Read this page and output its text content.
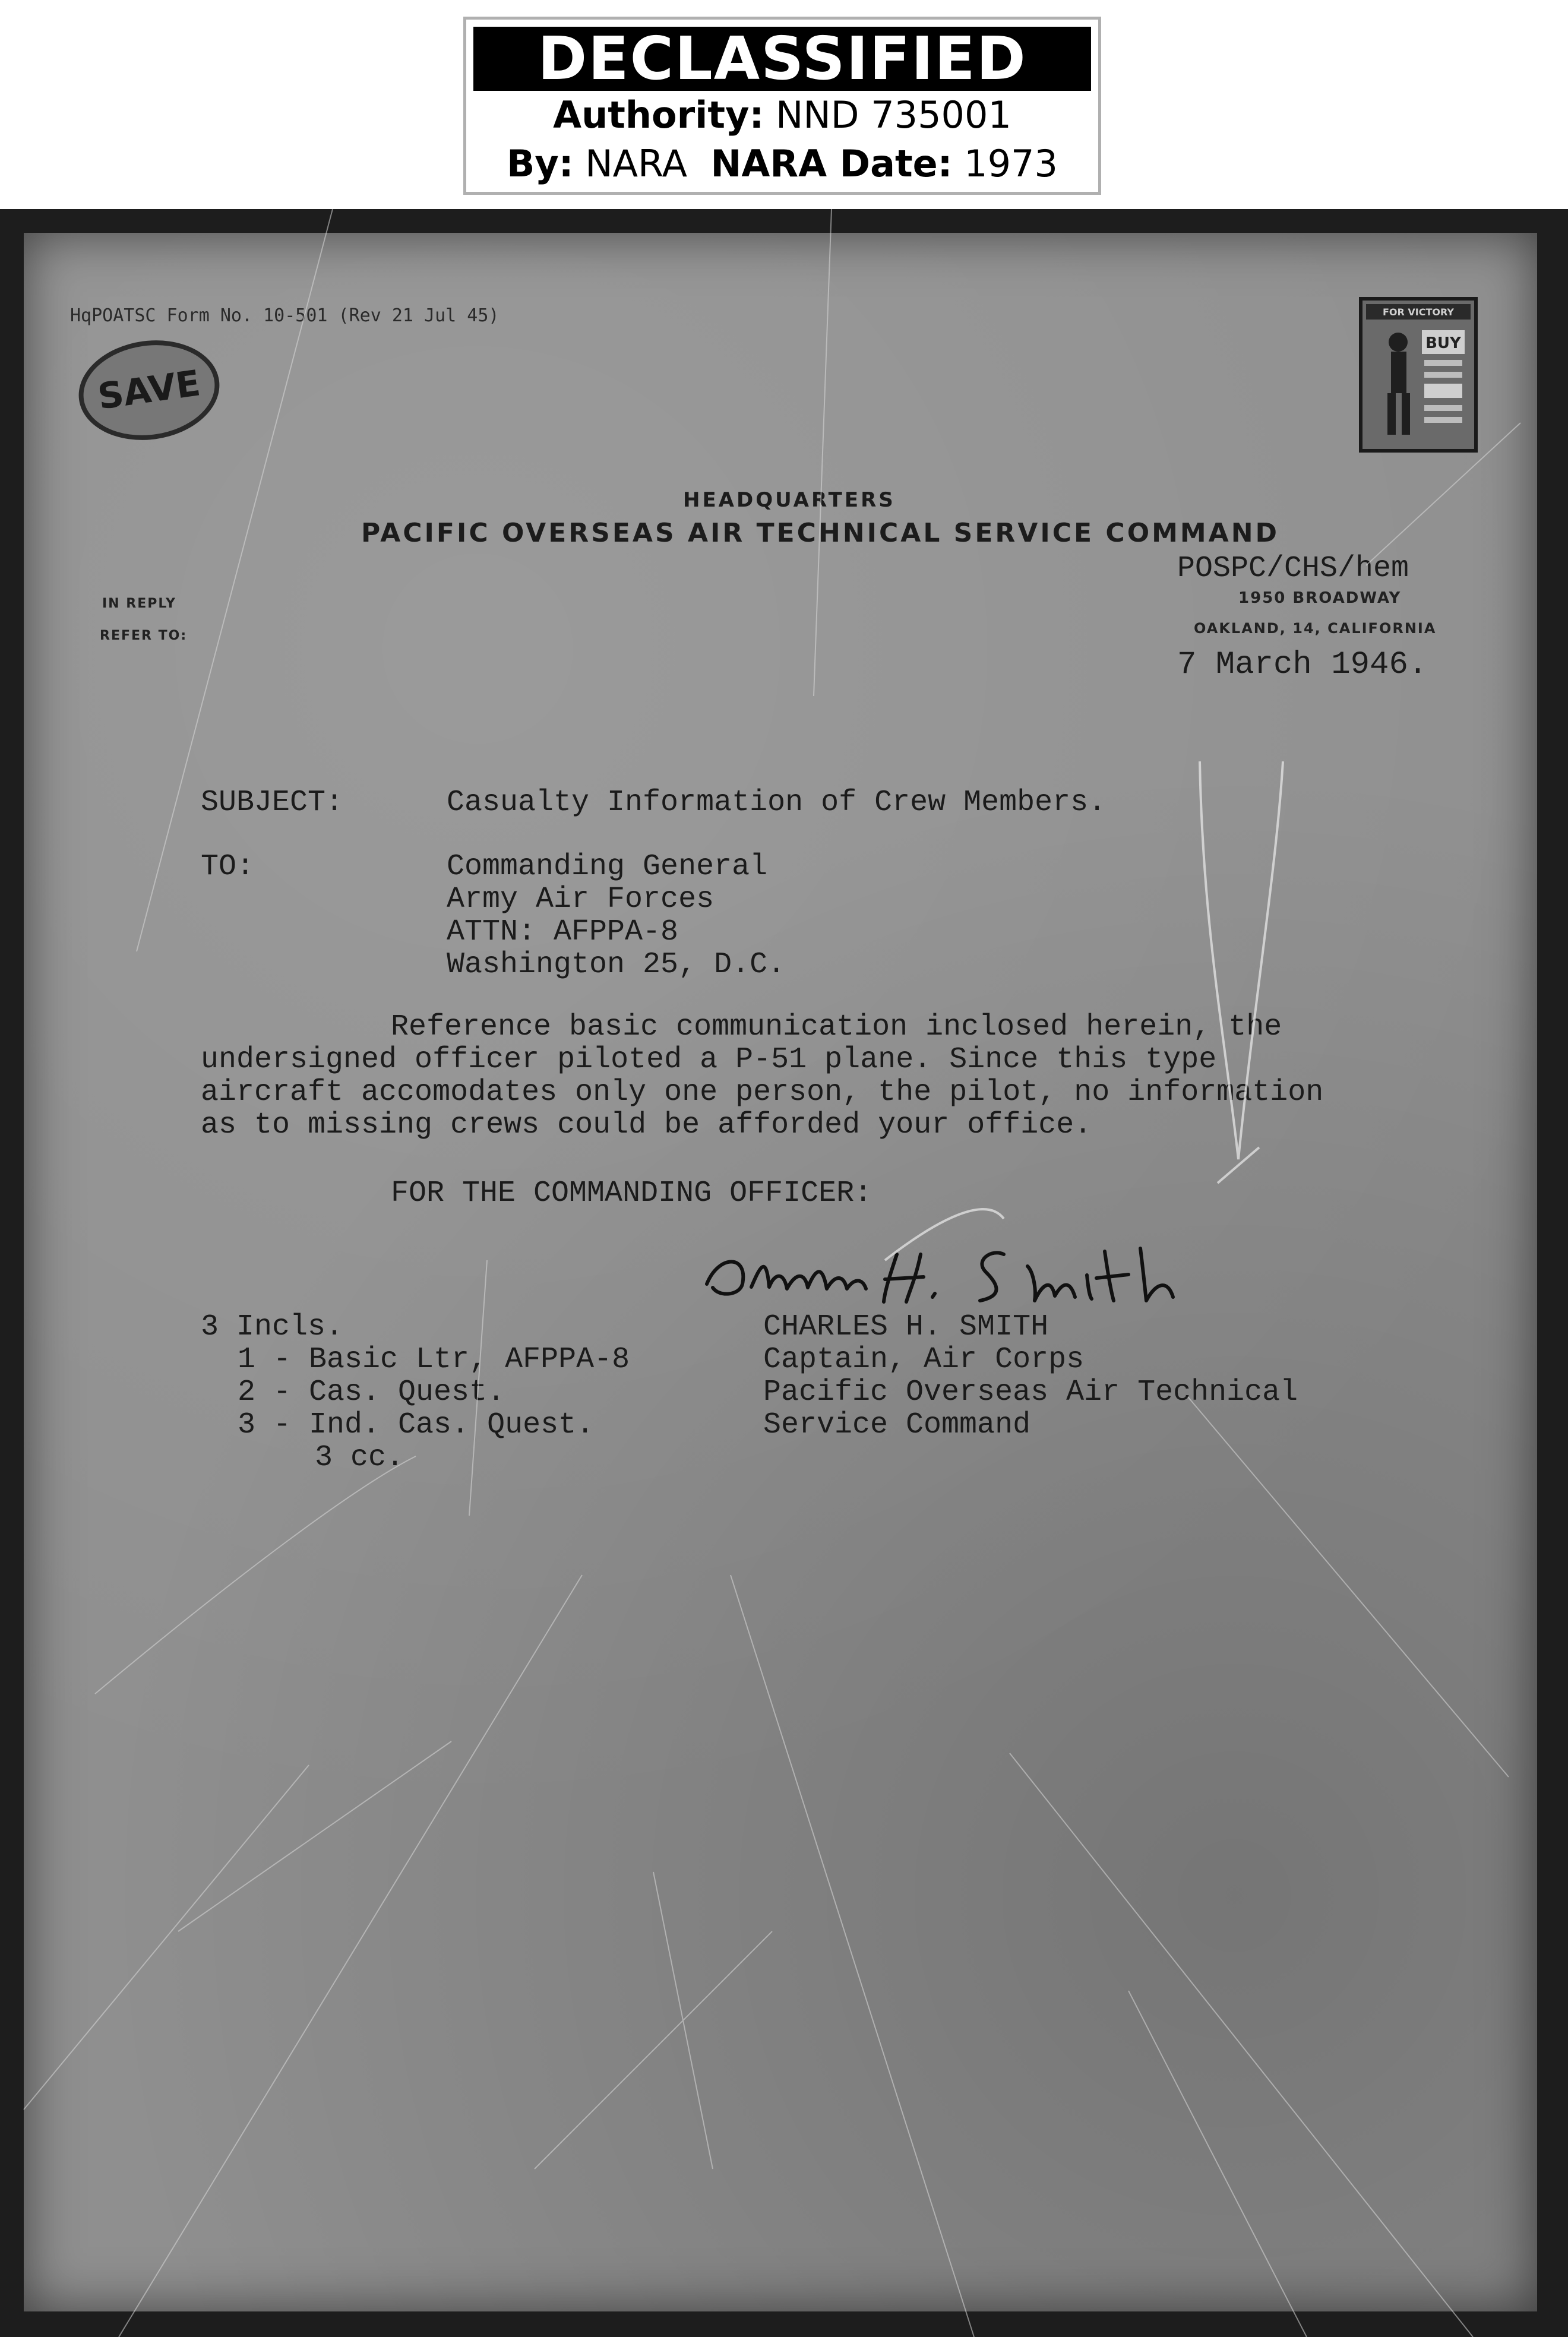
DECLASSIFIED
Authority: NND 735001
By: NARA NARA Date: 1973
HqPOATSC Form No. 10-501 (Rev 21 Jul 45)
SAVE
FOR VICTORY
BUY
HEADQUARTERS
PACIFIC OVERSEAS AIR TECHNICAL SERVICE COMMAND
POSPC/CHS/hem
1950 BROADWAY
OAKLAND, 14, CALIFORNIA
7 March 1946.
IN REPLY
REFER TO:
SUBJECT:	Casualty Information of Crew Members.
TO:	Commanding General
Army Air Forces
ATTN: AFPPA-8
Washington 25, D.C.
Reference basic communication inclosed herein, the
undersigned officer piloted a P-51 plane. Since this type
aircraft accomodates only one person, the pilot, no information
as to missing crews could be afforded your office.
FOR THE COMMANDING OFFICER:
Charles H. Smith
3 Incls.
1 - Basic Ltr, AFPPA-8
2 - Cas. Quest.
3 - Ind. Cas. Quest.
3 cc.
CHARLES H. SMITH
Captain, Air Corps
Pacific Overseas Air Technical
Service Command
